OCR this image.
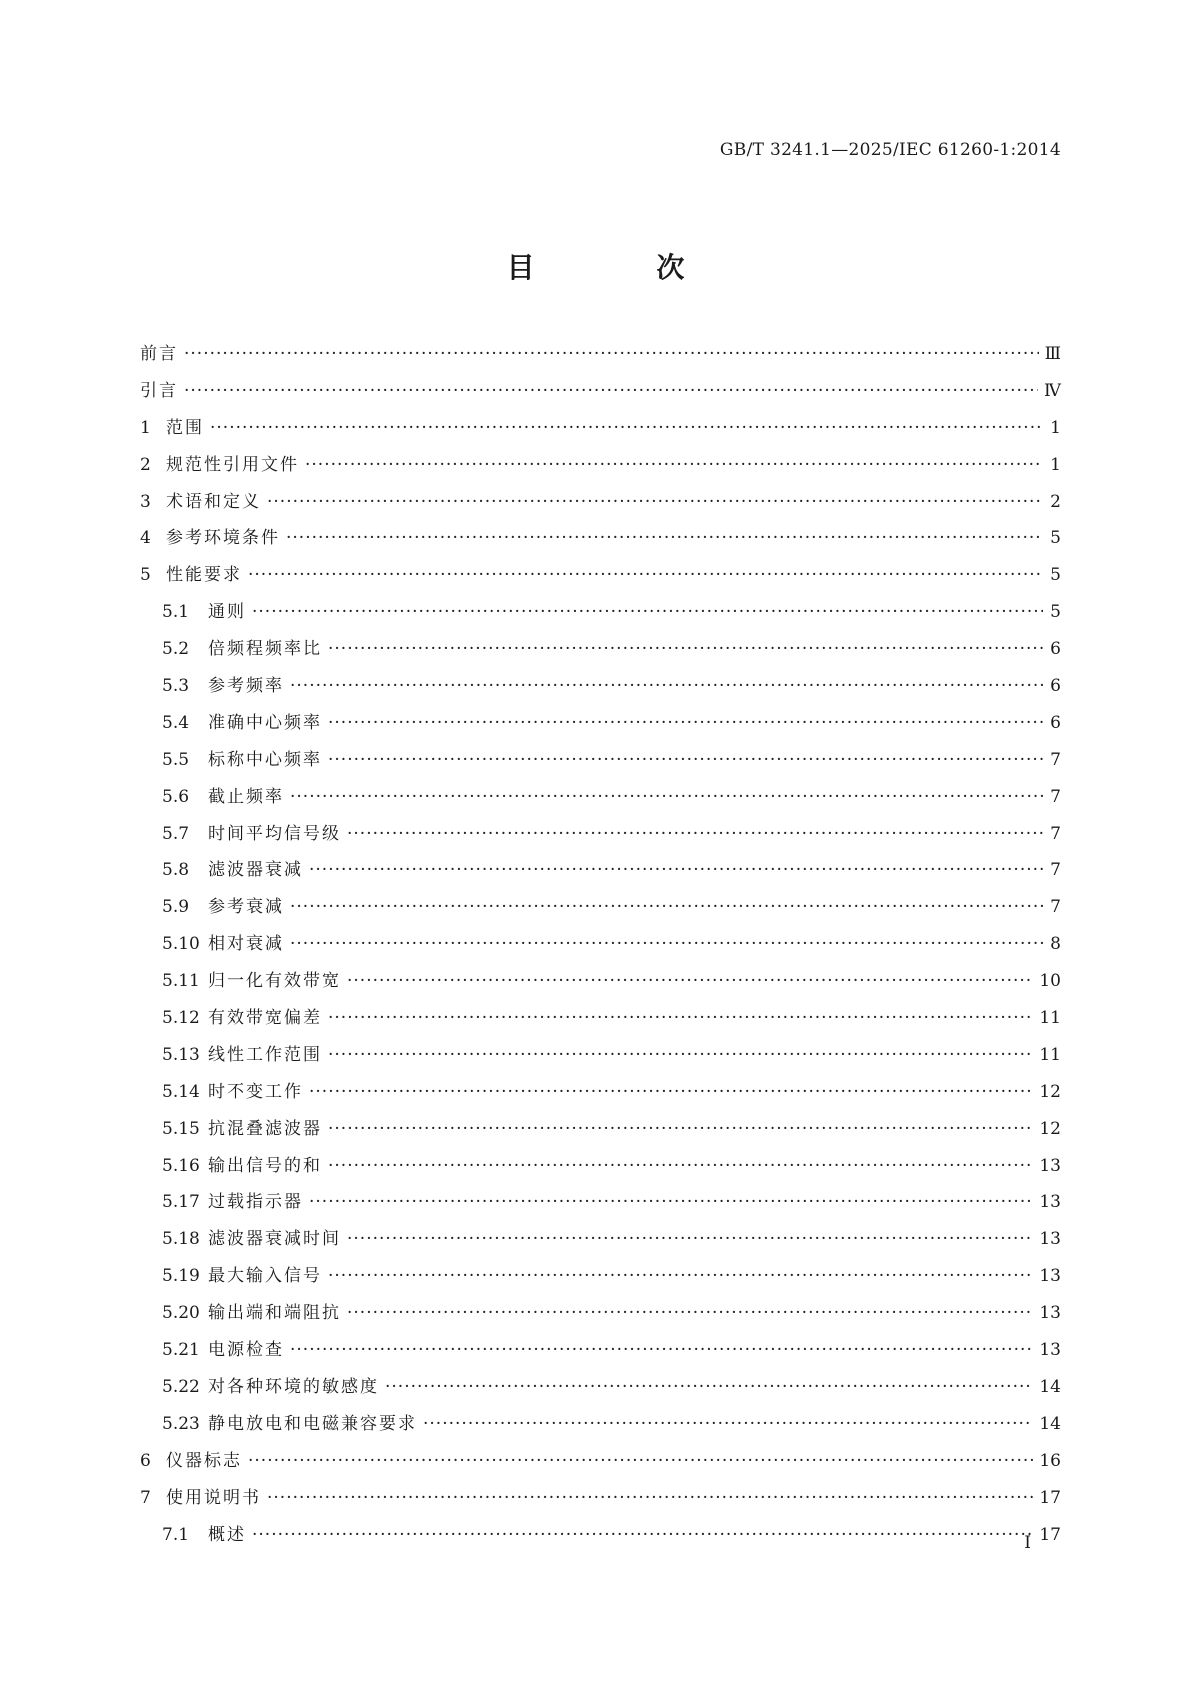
GB/T 3241.1—2025/IEC 61260-1:2014
目 次
前言 ·····	Ⅲ
引言 ·····	Ⅳ
1 范围 ·····	1
2 规范性引用文件 ·····	1
3 术语和定义 ·····	2
4 参考环境条件 ·····	5
5 性能要求 ·····	5
5.1	通则 ·····	5
5.2	倍频程频率比 ·····	6
5.3	参考频率 ·····	6
5.4	准确中心频率 ·····	6
5.5	标称中心频率 ·····	7
5.6	截止频率 ·····	7
5.7	时间平均信号级 ·····	7
5.8	滤波器衰减 ·····	7
5.9	参考衰减 ·····	7
5.10 相对衰减 ·····	8
5.11 归一化有效带宽 ·····	10
5.12 有效带宽偏差 ·····	11
5.13 线性工作范围 ·····	11
5.14 时不变工作 ·····	12
5.15 抗混叠滤波器 ·····	12
5.16 输出信号的和 ·····	13
5.17 过载指示器 ·····	13
5.18 滤波器衰减时间 ·····	13
5.19 最大输入信号 ·····	13
5.20 输出端和端阻抗 ·····	13
5.21 电源检查 ·····	13
5.22 对各种环境的敏感度 ·····	14
5.23 静电放电和电磁兼容要求 ·····	14
6 仪器标志 ·····	16
7 使用说明书 ·····	17
7.1	概述 ·····	17
I
